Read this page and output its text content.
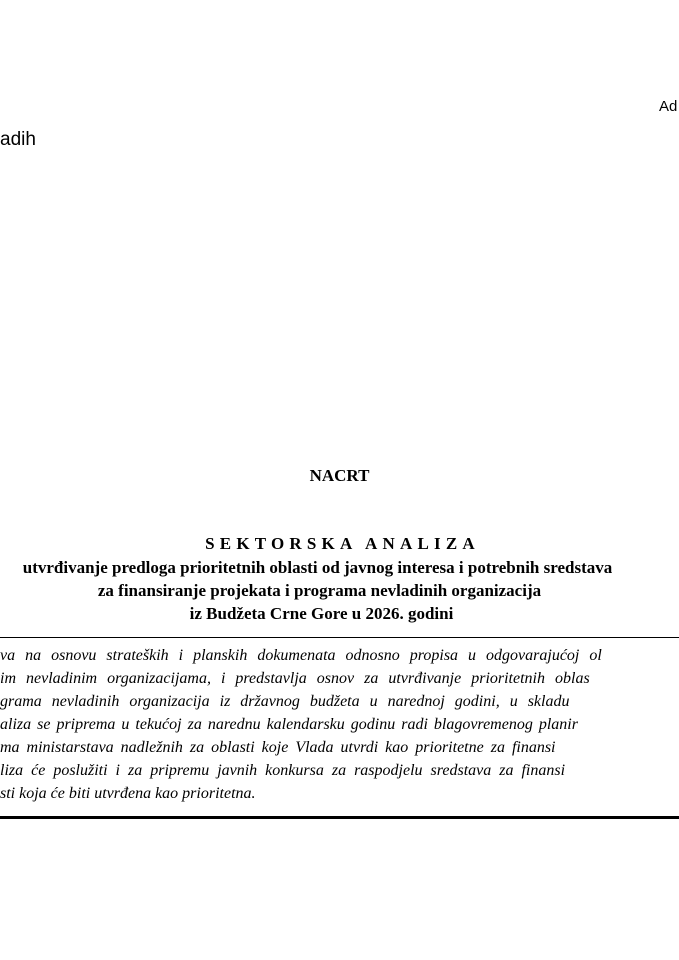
Ad
adih
NACRT
SEKTORSKA ANALIZA
utvrđivanje predloga prioritetnih oblasti od javnog interesa i potrebnih sredstava
za finansiranje projekata i programa nevladinih organizacija
iz Budžeta Crne Gore u 2026. godini
va na osnovu strateških i planskih dokumenata odnosno propisa u odgovarajućoj ol
im nevladinim organizacijama, i predstavlja osnov za utvrđivanje prioritetnih oblas
grama nevladinih organizacija iz državnog budžeta u narednoj godini, u skladu
aliza se priprema u tekućoj za narednu kalendarsku godinu radi blagovremenog planir
ma ministarstava nadležnih za oblasti koje Vlada utvrdi kao prioritetne za finansi
liza će poslužiti i za pripremu javnih konkursa za raspodjelu sredstava za finansi
sti koja će biti utvrđena kao prioritetna.
